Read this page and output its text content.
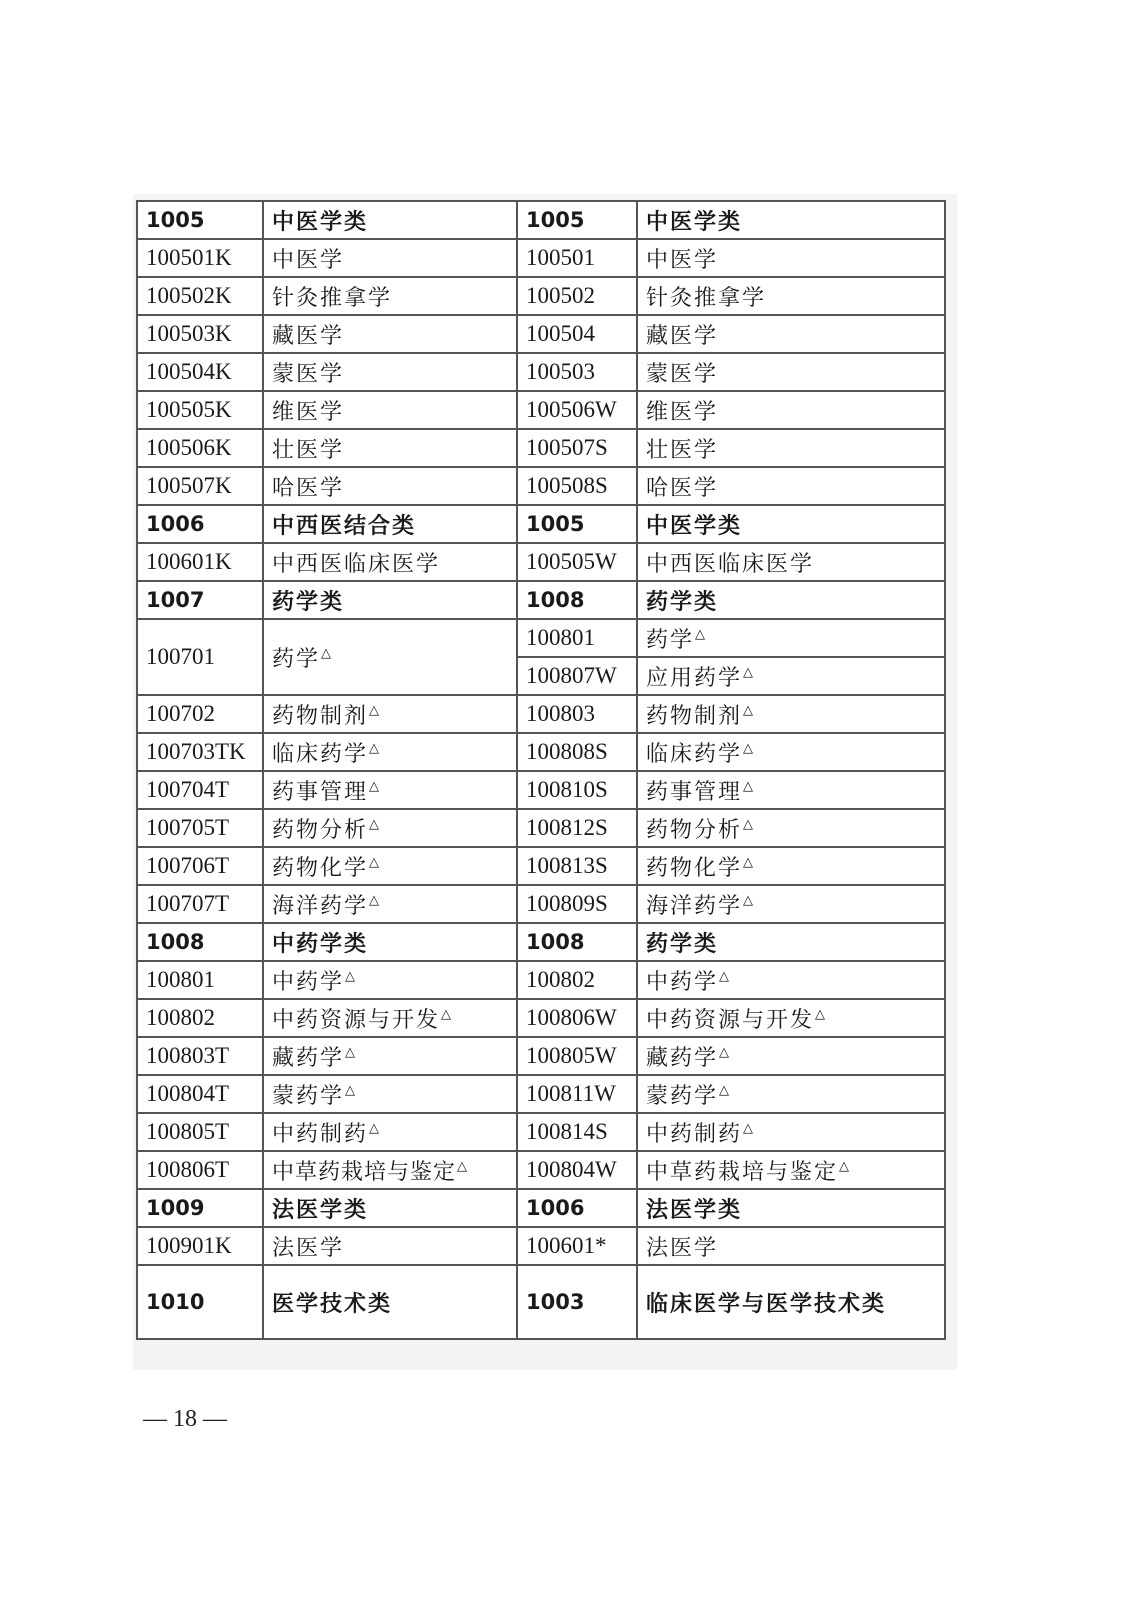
1005	中医学类	1005	中医学类
100501K	中医学	100501	中医学
100502K	针灸推拿学	100502	针灸推拿学
100503K	藏医学	100504	藏医学
100504K	蒙医学	100503	蒙医学
100505K	维医学	100506W	维医学
100506K	壮医学	100507S	壮医学
100507K	哈医学	100508S	哈医学
1006	中西医结合类	1005	中医学类
100601K	中西医临床医学	100505W	中西医临床医学
1007	药学类	1008	药学类
100701	药学△	100801	药学△
		100807W	应用药学△
100702	药物制剂△	100803	药物制剂△
100703TK	临床药学△	100808S	临床药学△
100704T	药事管理△	100810S	药事管理△
100705T	药物分析△	100812S	药物分析△
100706T	药物化学△	100813S	药物化学△
100707T	海洋药学△	100809S	海洋药学△
1008	中药学类	1008	药学类
100801	中药学△	100802	中药学△
100802	中药资源与开发△	100806W	中药资源与开发△
100803T	藏药学△	100805W	藏药学△
100804T	蒙药学△	100811W	蒙药学△
100805T	中药制药△	100814S	中药制药△
100806T	中草药栽培与鉴定△	100804W	中草药栽培与鉴定△
1009	法医学类	1006	法医学类
100901K	法医学	100601*	法医学
1010	医学技术类	1003	临床医学与医学技术类
— 18 —
